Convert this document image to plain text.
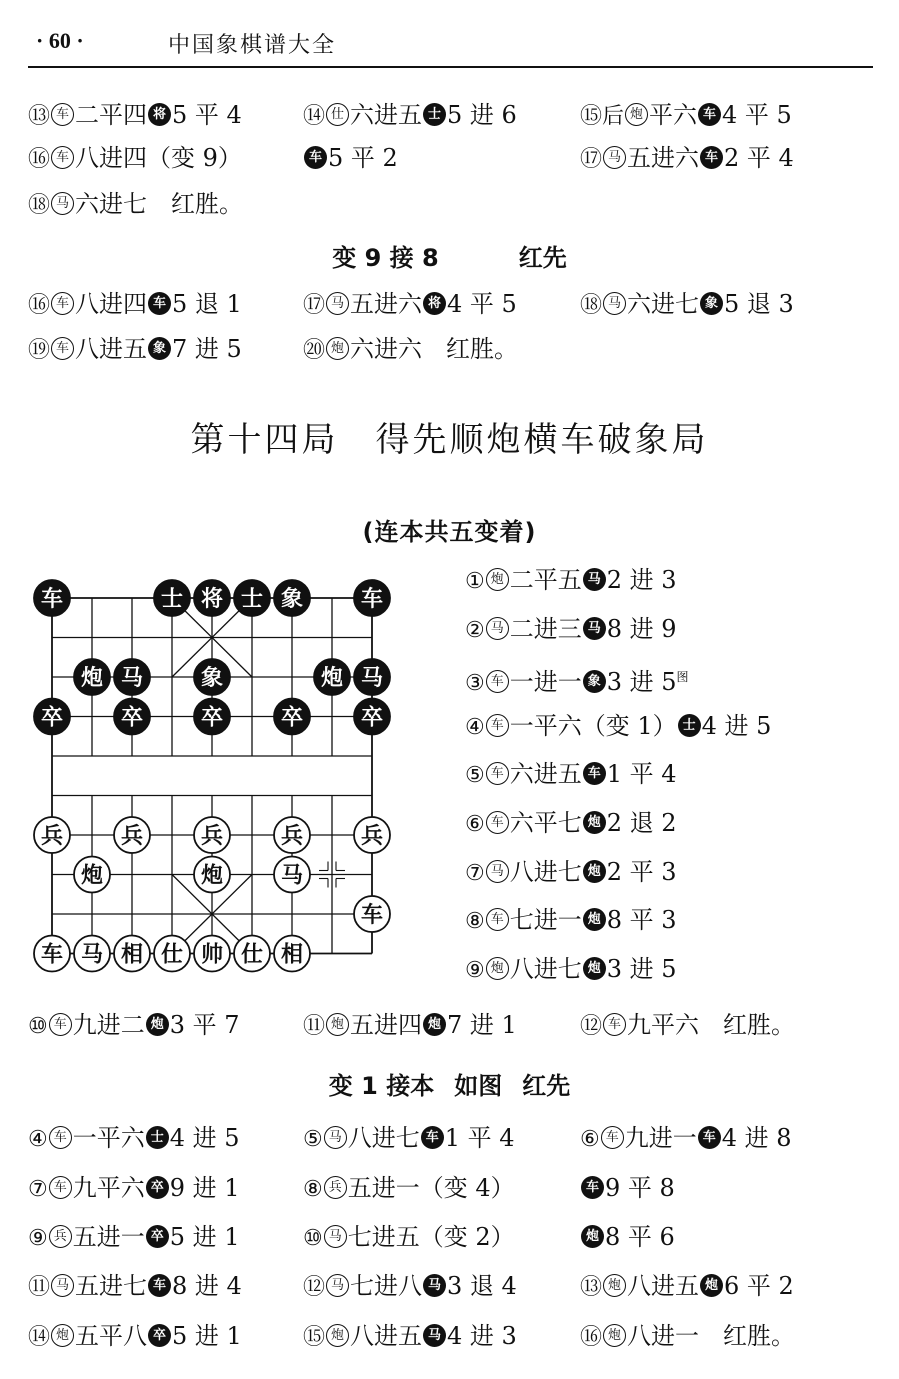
· 60 ·	中国象棋谱大全
⑬ 车 二平四 将 5 平 4	⑭ 仕 六进五 士 5 进 6	⑮后 炮 平六 车 4 平 5
⑯ 车 八进四（变 9）	车 5 平 2	⑰ 马 五进六 车 2 平 4
⑱ 马 六进七　红胜。
变 9 接 8	红先
⑯ 车 八进四 车 5 退 1	⑰ 马 五进六 将 4 平 5	⑱ 马 六进七 象 5 退 3
⑲ 车 八进五 象 7 进 5	⑳ 炮 六进六　红胜。
第十四局　得先顺炮横车破象局
(连本共五变着)
车	士 将 士 象	车
炮 马	象	炮 马
卒	卒	卒	卒	卒
兵	兵	兵	兵	兵
炮	炮	马
车
车 马 相 仕 帅 仕 相
① 炮 二平五 马 2 进 3
② 马 二进三 马 8 进 9
③ 车 一进一 象 3 进 $5^图$
④ 车 一平六（变 1） 士 4 进 5
⑤ 车 六进五 车 1 平 4
⑥ 车 六平七 炮 2 退 2
⑦ 马 八进七 炮 2 平 3
⑧ 车 七进一 炮 8 平 3
⑨ 炮 八进七 炮 3 进 5
⑩ 车 九进二 炮 3 平 7	⑪ 炮 五进四 炮 7 进 1	⑫ 车 九平六　红胜。
变 1 接本 如图 红先
④ 车 一平六 士 4 进 5	⑤ 马 八进七 车 1 平 4	⑥ 车 九进一 车 4 进 8
⑦ 车 九平六 卒 9 进 1	⑧ 兵 五进一（变 4）	车 9 平 8
⑨ 兵 五进一 卒 5 进 1	⑩ 马 七进五（变 2）	炮 8 平 6
⑪ 马 五进七 车 8 进 4	⑫ 马 七进八 马 3 退 4	⑬ 炮 八进五 炮 6 平 2
⑭ 炮 五平八 卒 5 进 1	⑮ 炮 八进五 马 4 进 3	⑯ 炮 八进一　红胜。
